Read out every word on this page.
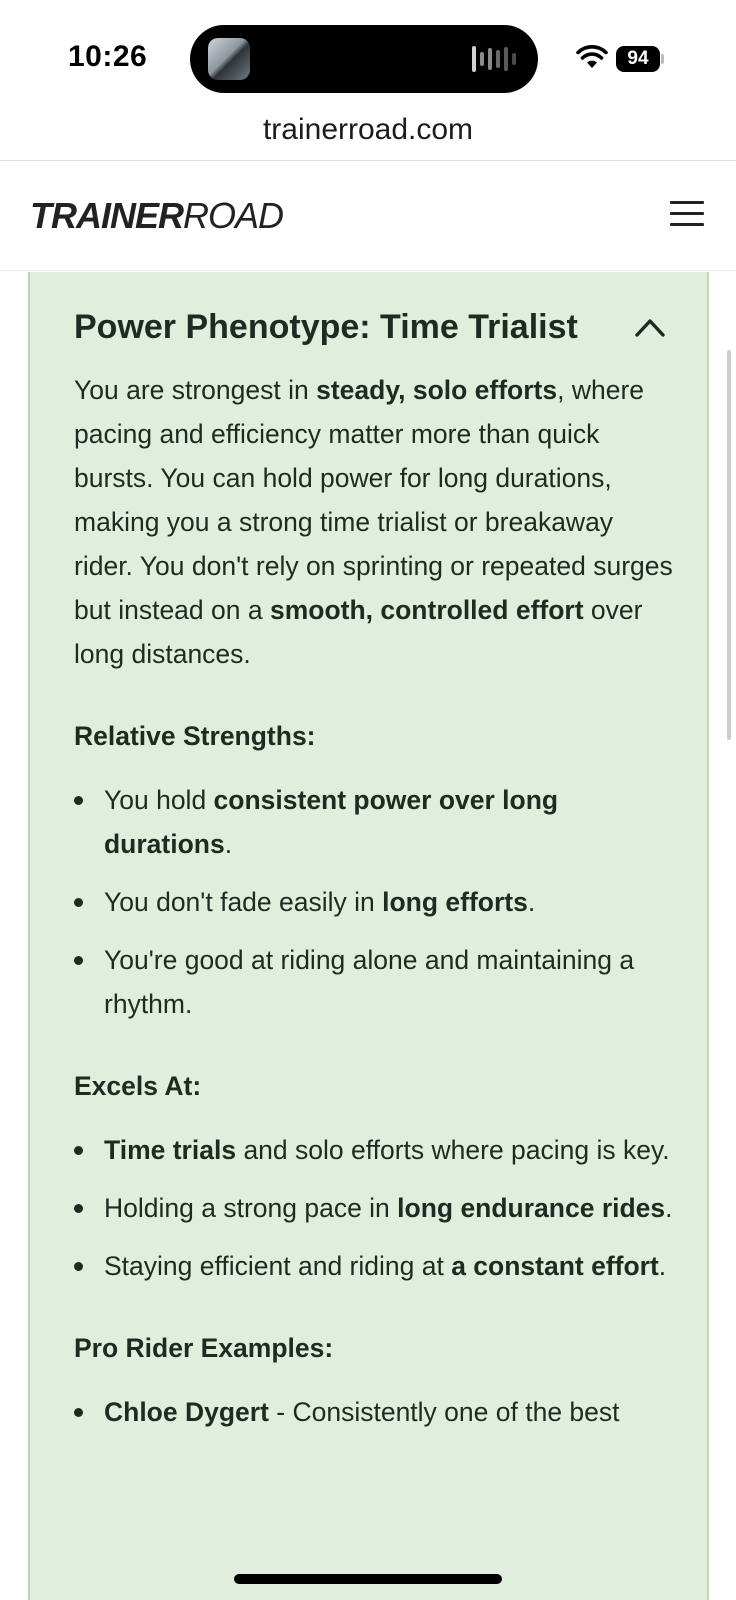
10:26	94
trainerroad.com
TRAINERROAD
Power Phenotype: Time Trialist

You are strongest in steady, solo efforts, where pacing and efficiency matter more than quick bursts. You can hold power for long durations, making you a strong time trialist or breakaway rider. You don't rely on sprinting or repeated surges but instead on a smooth, controlled effort over long distances.

Relative Strengths:
You hold consistent power over long durations.
You don't fade easily in long efforts.
You're good at riding alone and maintaining a rhythm.
Excels At:
Time trials and solo efforts where pacing is key.
Holding a strong pace in long endurance rides.
Staying efficient and riding at a constant effort.
Pro Rider Examples:
Chloe Dygert - Consistently one of the best
